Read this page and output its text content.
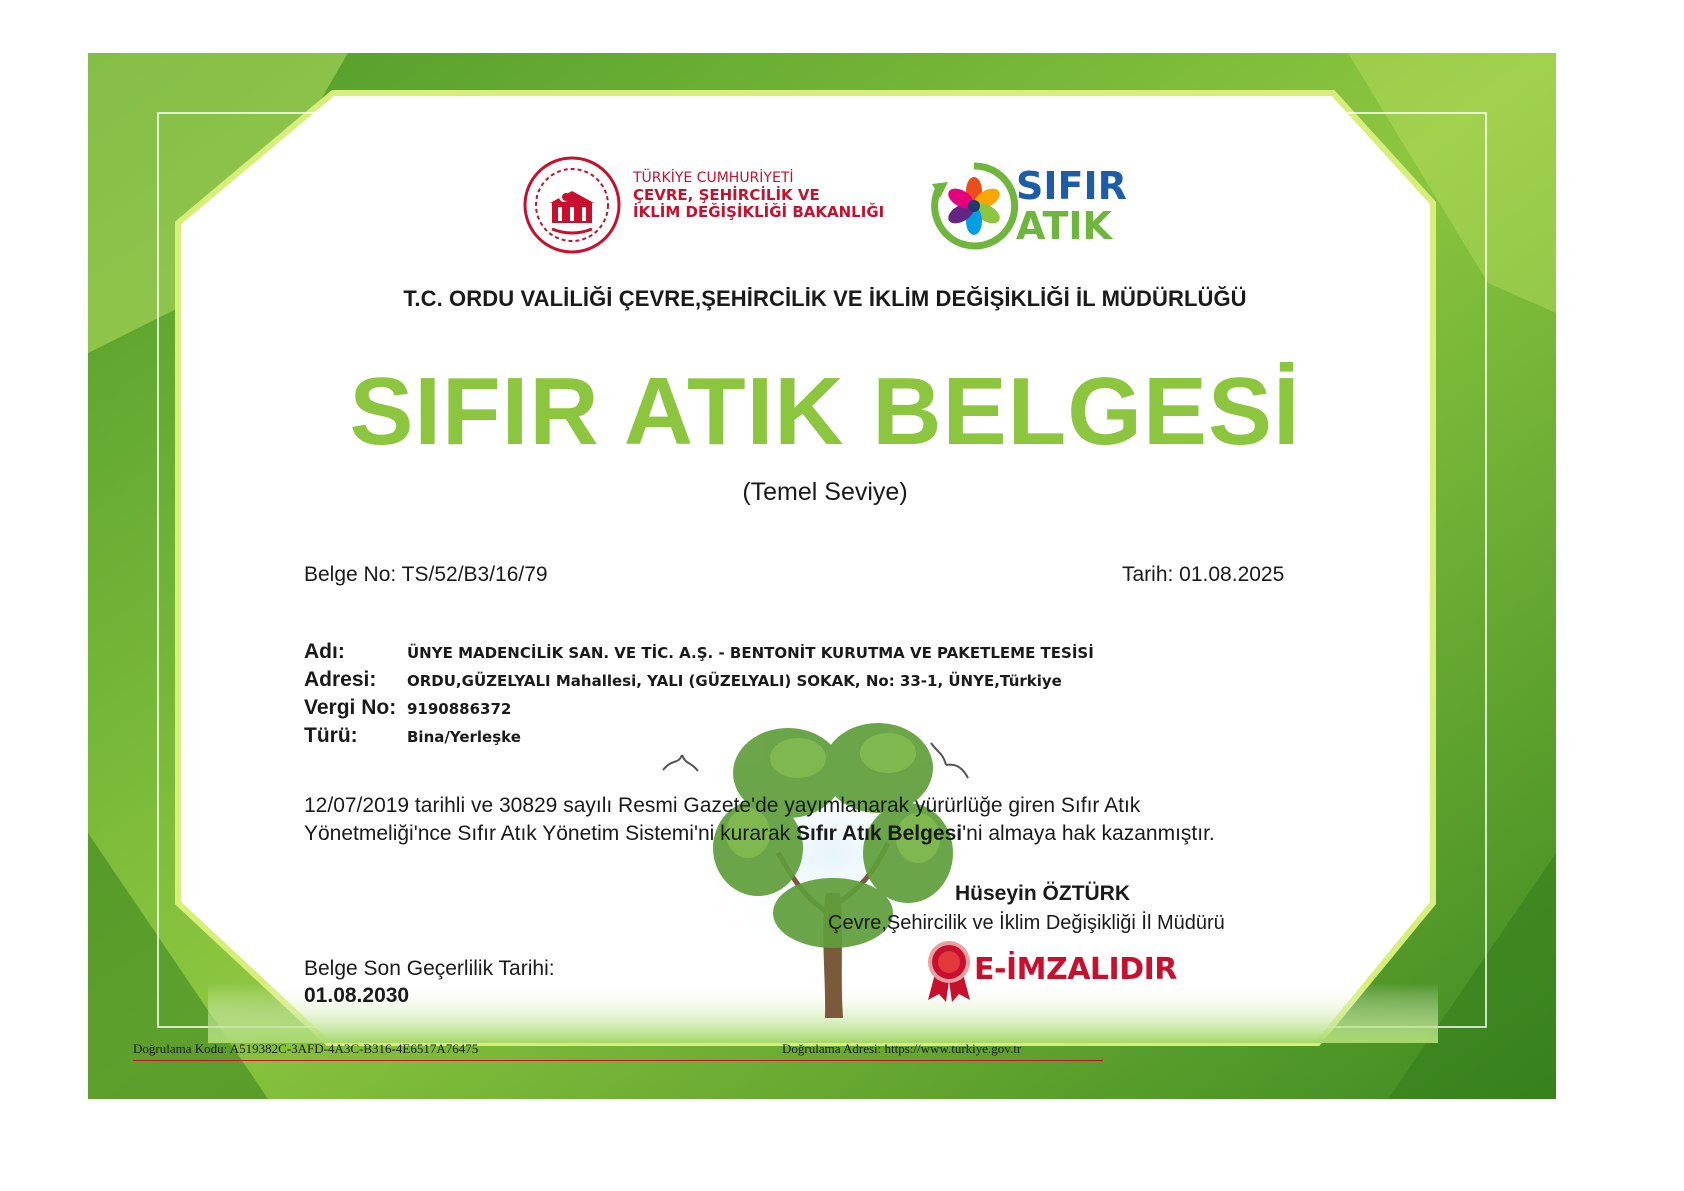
TÜRKİYE CUMHURİYETİ
ÇEVRE, ŞEHİRCİLİK VE
İKLİM DEĞİŞİKLİĞİ BAKANLIĞI
SIFIR
ATIK
T.C. ORDU VALİLİĞİ ÇEVRE,ŞEHİRCİLİK VE İKLİM DEĞİŞİKLİĞİ İL MÜDÜRLÜĞÜ
SIFIR ATIK BELGESİ
(Temel Seviye)
Belge No: TS/52/B3/16/79	Tarih: 01.08.2025
Adı:	ÜNYE MADENCİLİK SAN. VE TİC. A.Ş. - BENTONİT KURUTMA VE PAKETLEME TESİSİ
Adresi: ORDU,GÜZELYALI Mahallesi, YALI (GÜZELYALI) SOKAK, No: 33-1, ÜNYE,Türkiye
Vergi No: 9190886372
Türü:	Bina/Yerleşke
12/07/2019 tarihli ve 30829 sayılı Resmi Gazete'de yayımlanarak yürürlüğe giren Sıfır Atık Yönetmeliği'nce Sıfır Atık Yönetim Sistemi'ni kurarak Sıfır Atık Belgesi'ni almaya hak kazanmıştır.
Hüseyin ÖZTÜRK
Çevre,Şehircilik ve İklim Değişikliği İl Müdürü
E-İMZALIDIR
Belge Son Geçerlilik Tarihi:
01.08.2030
Doğrulama Kodu: A519382C-3AFD-4A3C-B316-4E6517A76475	Doğrulama Adresi: https://www.turkiye.gov.tr
